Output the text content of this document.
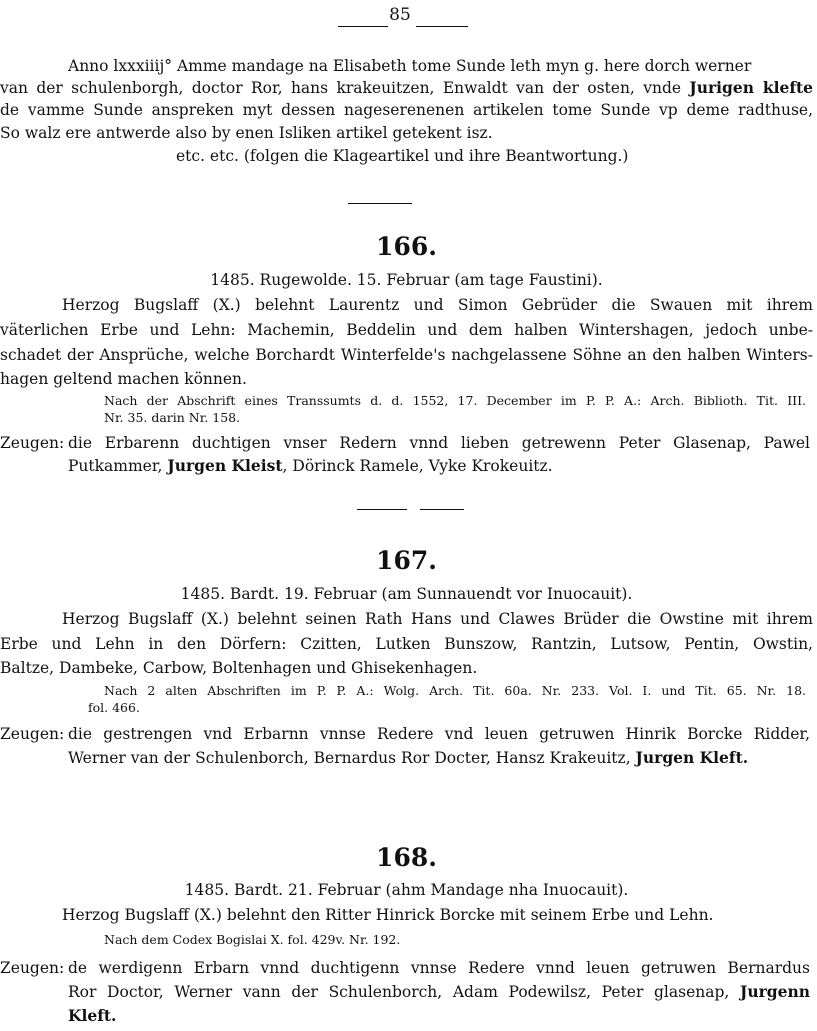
85
Anno lxxxiiij° Amme mandage na Elisabeth tome Sunde leth myn g. here dorch werner
van der schulenborgh, doctor Ror, hans krakeuitzen, Enwaldt van der osten, vnde Jurigen klefte
de vamme Sunde anspreken myt dessen nageserenenen artikelen tome Sunde vp deme radthuse,
So walz ere antwerde also by enen Isliken artikel getekent isz.
etc. etc. (folgen die Klageartikel und ihre Beantwortung.)
166.
1485. Rugewolde. 15. Februar (am tage Faustini).
Herzog Bugslaff (X.) belehnt Laurentz und Simon Gebrüder die Swauen mit ihrem
väterlichen Erbe und Lehn: Machemin, Beddelin und dem halben Wintershagen, jedoch unbe-
schadet der Ansprüche, welche Borchardt Winterfelde's nachgelassene Söhne an den halben Winters-
hagen geltend machen können.
Nach der Abschrift eines Transsumts d. d. 1552, 17. December im P. P. A.: Arch. Biblioth. Tit. III.
Nr. 35. darin Nr. 158.
Zeugen: die Erbarenn duchtigen vnser Redern vnnd lieben getrewenn Peter Glasenap, Pawel
Putkammer, Jurgen Kleist, Dörinck Ramele, Vyke Krokeuitz.
167.
1485. Bardt. 19. Februar (am Sunnauendt vor Inuocauit).
Herzog Bugslaff (X.) belehnt seinen Rath Hans und Clawes Brüder die Owstine mit ihrem
Erbe und Lehn in den Dörfern: Czitten, Lutken Bunszow, Rantzin, Lutsow, Pentin, Owstin,
Baltze, Dambeke, Carbow, Boltenhagen und Ghisekenhagen.
Nach 2 alten Abschriften im P. P. A.: Wolg. Arch. Tit. 60a. Nr. 233. Vol. I. und Tit. 65. Nr. 18.
fol. 466.
Zeugen: die gestrengen vnd Erbarnn vnnse Redere vnd leuen getruwen Hinrik Borcke Ridder,
Werner van der Schulenborch, Bernardus Ror Docter, Hansz Krakeuitz, Jurgen Kleft.
168.
1485. Bardt. 21. Februar (ahm Mandage nha Inuocauit).
Herzog Bugslaff (X.) belehnt den Ritter Hinrick Borcke mit seinem Erbe und Lehn.
Nach dem Codex Bogislai X. fol. 429v. Nr. 192.
Zeugen: de werdigenn Erbarn vnnd duchtigenn vnnse Redere vnnd leuen getruwen Bernardus
Ror Doctor, Werner vann der Schulenborch, Adam Podewilsz, Peter glasenap, Jurgenn
Kleft.
